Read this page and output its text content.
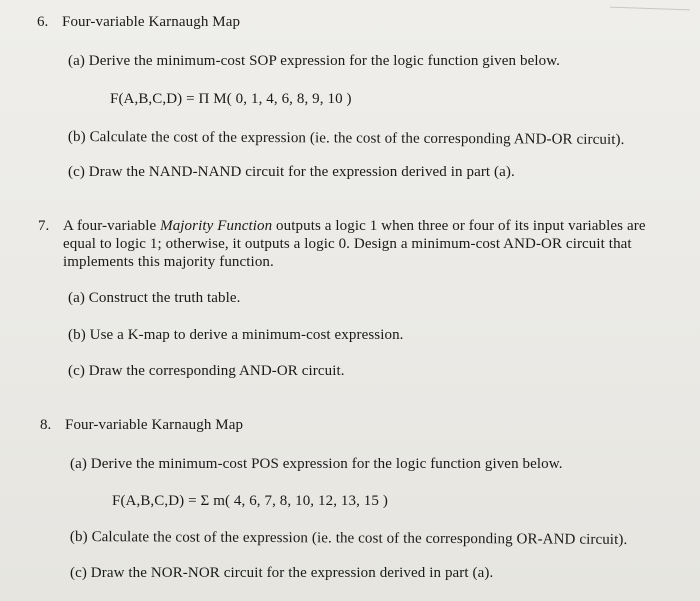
6. Four-variable Karnaugh Map
(a) Derive the minimum-cost SOP expression for the logic function given below.
F(A,B,C,D) = Π M( 0, 1, 4, 6, 8, 9, 10 )
(b) Calculate the cost of the expression (ie. the cost of the corresponding AND-OR circuit).
(c) Draw the NAND-NAND circuit for the expression derived in part (a).
7. A four-variable Majority Function outputs a logic 1 when three or four of its input variables are
equal to logic 1; otherwise, it outputs a logic 0. Design a minimum-cost AND-OR circuit that
implements this majority function.
(a) Construct the truth table.
(b) Use a K-map to derive a minimum-cost expression.
(c) Draw the corresponding AND-OR circuit.
8. Four-variable Karnaugh Map
(a) Derive the minimum-cost POS expression for the logic function given below.
F(A,B,C,D) = Σ m( 4, 6, 7, 8, 10, 12, 13, 15 )
(b) Calculate the cost of the expression (ie. the cost of the corresponding OR-AND circuit).
(c) Draw the NOR-NOR circuit for the expression derived in part (a).
